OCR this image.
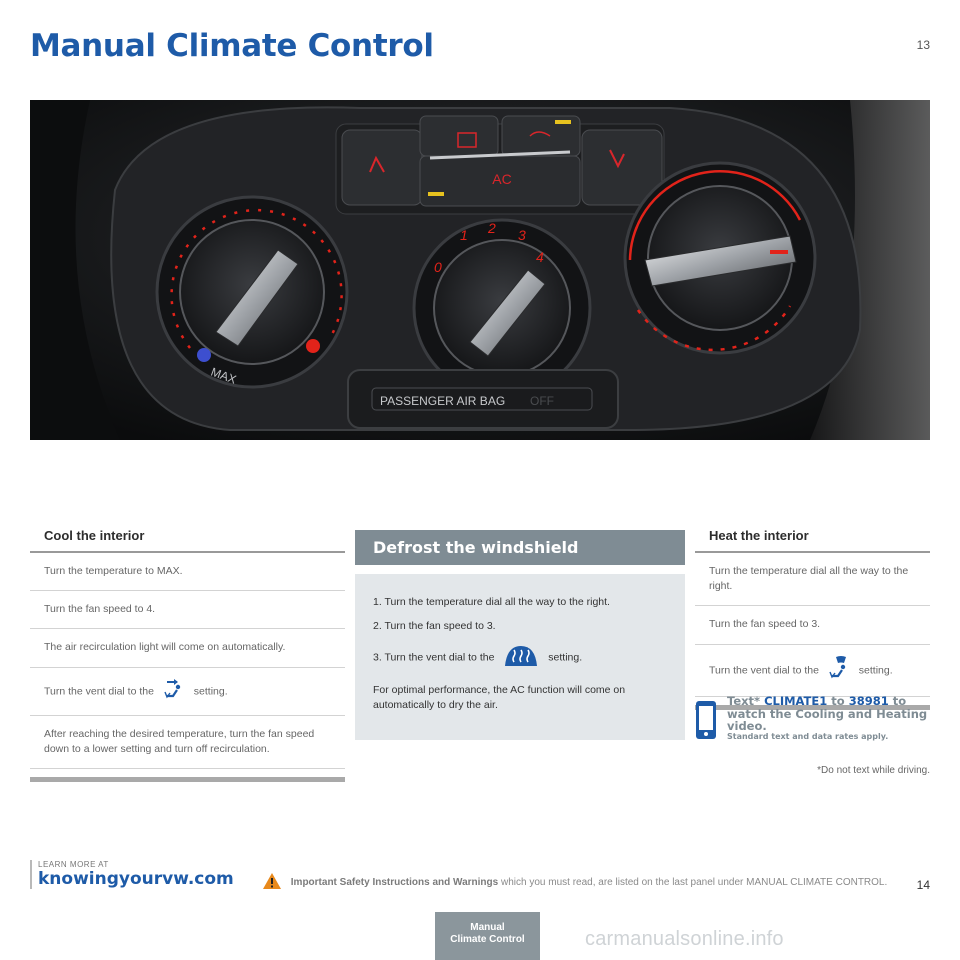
Manual Climate Control	13
AC
MAX
0
1 2 3
4
PASSENGER AIR BAG OFF
Cool the interior
Turn the temperature to MAX.
Turn the fan speed to 4.
The air recirculation light will come on automatically.
Turn the vent dial to the	setting.
After reaching the desired temperature, turn the fan speed down to a lower setting and turn off recirculation.
Defrost the windshield
1. Turn the temperature dial all the way to the right.
2. Turn the fan speed to 3.
3. Turn the vent dial to the	setting.
For optimal performance, the AC function will come on automatically to dry the air.
Heat the interior
Turn the temperature dial all the way to the right.
Turn the fan speed to 3.
Turn the vent dial to the	setting.
Text* CLIMATE1 to 38981 to watch the Cooling and Heating video.
Standard text and data rates apply.
*Do not text while driving.
LEARN MORE AT
knowingyourvw.com	Important Safety Instructions and Warnings which you must read, are listed on the last panel under MANUAL CLIMATE CONTROL. 14
Manual
Climate Control	carmanualsonline.info
